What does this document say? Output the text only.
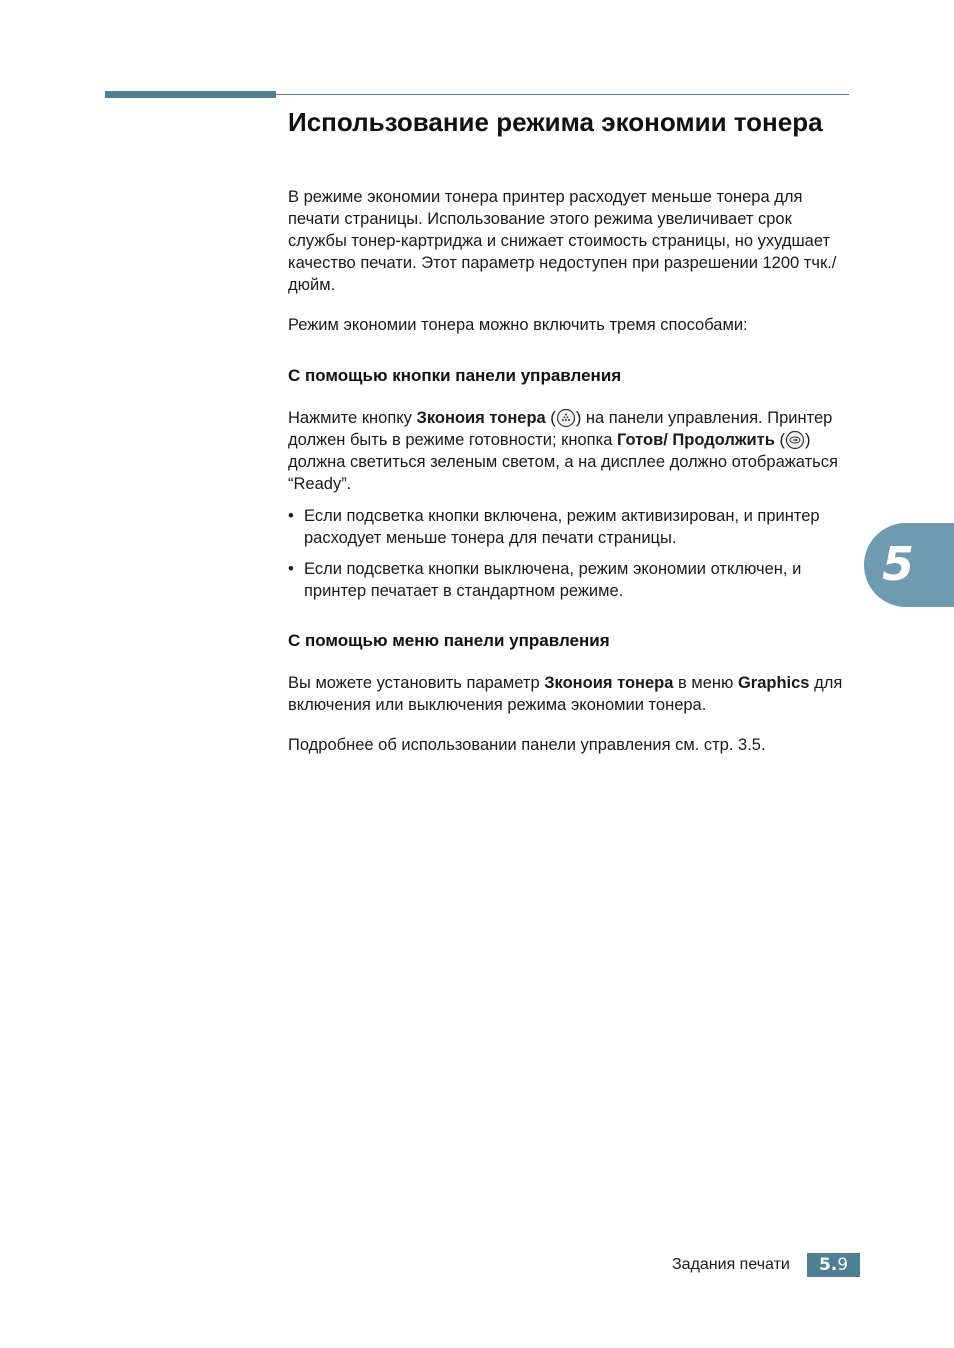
Использование режима экономии тонера

В режиме экономии тонера принтер расходует меньше тонера для печати страницы. Использование этого режима увеличивает срок службы тонер-картриджа и снижает стоимость страницы, но ухудшает качество печати. Этот параметр недоступен при разрешении 1200 тчк./дюйм.

Режим экономии тонера можно включить тремя способами:

С помощью кнопки панели управления

Нажмите кнопку Зконоия тонера ( ) на панели управления. Принтер должен быть в режиме готовности; кнопка Готов/ Продолжить ( ) должна светиться зеленым светом, а на дисплее должно отображаться “Ready”.

• Если подсветка кнопки включена, режим активизирован, и принтер расходует меньше тонера для печати страницы.
• Если подсветка кнопки выключена, режим экономии отключен, и принтер печатает в стандартном режиме.
С помощью меню панели управления

Вы можете установить параметр Зконоия тонера в меню Graphics для включения или выключения режима экономии тонера.

Подробнее об использовании панели управления см. стр. 3.5.

5
Задания печати	5.9
